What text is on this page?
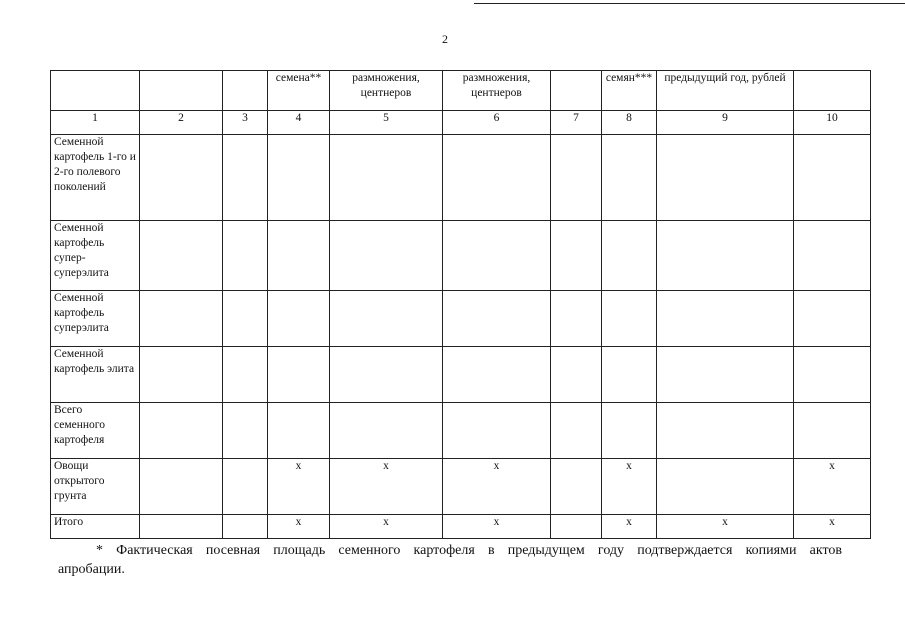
2
			семена**	размножения, центнеров	размножения, центнеров		семян***	предыдущий год, рублей	
1	2	3	4	5	6	7	8	9	10
Семенной картофель 1-го и 2-го полевого поколений									
Семенной картофель супер-суперэлита									
Семенной картофель суперэлита									
Семенной картофель элита									
Всего семенного картофеля									
Овощи открытого грунта			x	x	x		x		x
Итого			x	x	x		x	x	x
* Фактическая посевная площадь семенного картофеля в предыдущем году подтверждается копиями актов
апробации.
